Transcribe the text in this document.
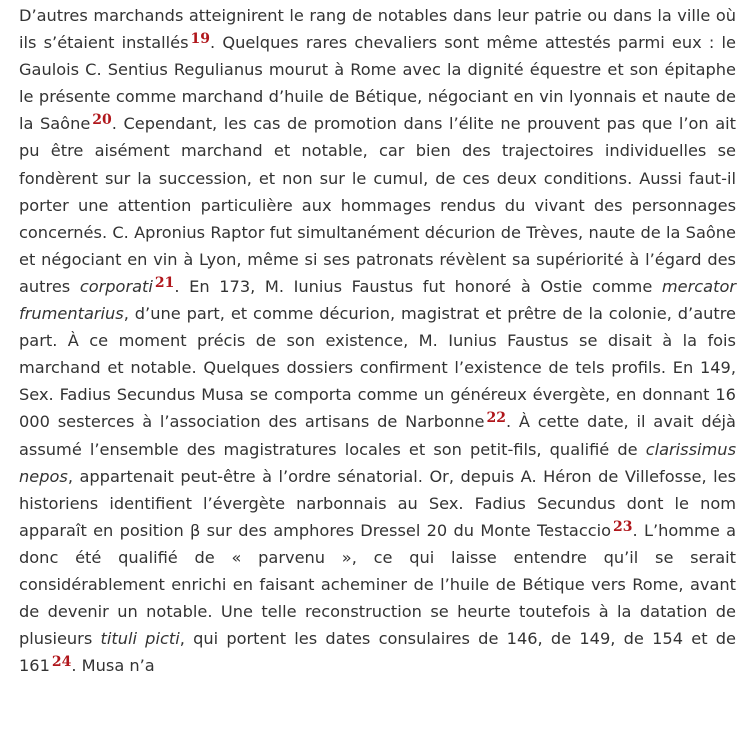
D’autres marchands atteignirent le rang de notables dans leur patrie ou dans la ville où ils s’étaient installés 19. Quelques rares chevaliers sont même attestés parmi eux : le Gaulois C. Sentius Regulianus mourut à Rome avec la dignité équestre et son épitaphe le présente comme marchand d’huile de Bétique, négociant en vin lyonnais et naute de la Saône 20. Cependant, les cas de promotion dans l’élite ne prouvent pas que l’on ait pu être aisément marchand et notable, car bien des trajectoires individuelles se fondèrent sur la succession, et non sur le cumul, de ces deux conditions. Aussi faut-il porter une attention particulière aux hommages rendus du vivant des personnages concernés. C. Apronius Raptor fut simultanément décurion de Trèves, naute de la Saône et négociant en vin à Lyon, même si ses patronats révèlent sa supériorité à l’égard des autres corporati 21. En 173, M. Iunius Faustus fut honoré à Ostie comme mercator frumentarius, d’une part, et comme décurion, magistrat et prêtre de la colonie, d’autre part. À ce moment précis de son existence, M. Iunius Faustus se disait à la fois marchand et notable. Quelques dossiers confirment l’existence de tels profils. En 149, Sex. Fadius Secundus Musa se comporta comme un généreux évergète, en donnant 16 000 sesterces à l’association des artisans de Narbonne 22. À cette date, il avait déjà assumé l’ensemble des magistratures locales et son petit-fils, qualifié de clarissimus nepos, appartenait peut-être à l’ordre sénatorial. Or, depuis A. Héron de Villefosse, les historiens identifient l’évergète narbonnais au Sex. Fadius Secundus dont le nom apparaît en position β sur des amphores Dressel 20 du Monte Testaccio 23. L’homme a donc été qualifié de « parvenu », ce qui laisse entendre qu’il se serait considérablement enrichi en faisant acheminer de l’huile de Bétique vers Rome, avant de devenir un notable. Une telle reconstruction se heurte toutefois à la datation de plusieurs tituli picti, qui portent les dates consulaires de 146, de 149, de 154 et de 161 24. Musa n’a
